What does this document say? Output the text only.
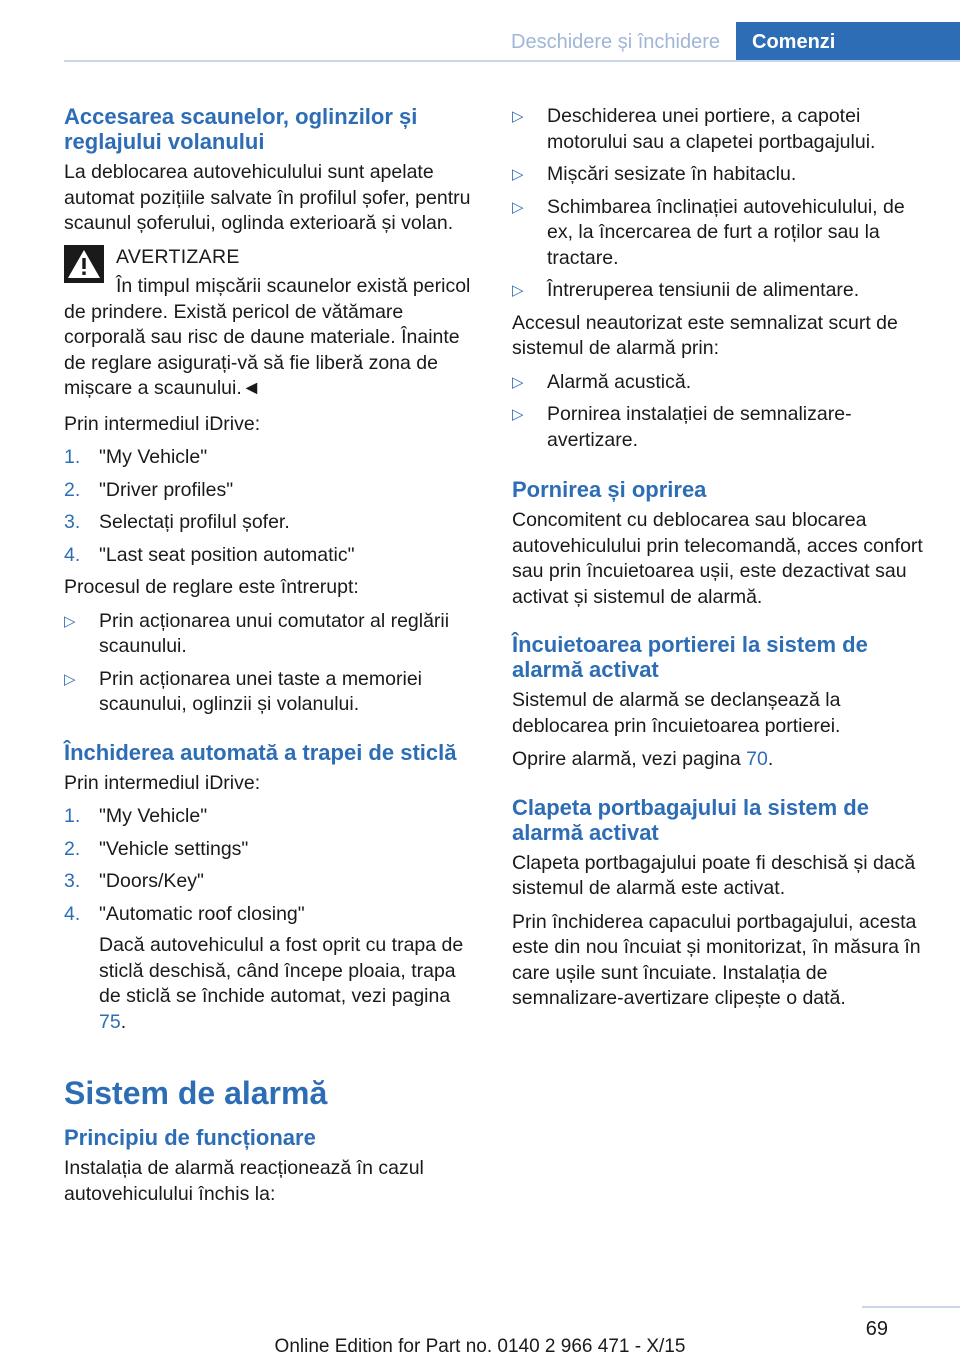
Deschidere și închidere	Comenzi
Accesarea scaunelor, oglinzilor și reglajului volanului

La deblocarea autovehiculului sunt apelate automat pozițiile salvate în profilul șofer, pentru scaunul șoferului, oglinda exterioară și volan.

AVERTIZARE
În timpul mișcării scaunelor există pericol
de prindere. Există pericol de vătămare corporală sau risc de daune materiale. Înainte de reglare asigurați-vă să fie liberă zona de mișcare a scaunului.◄

Prin intermediul iDrive:

1. "My Vehicle"
2. "Driver profiles"
3. Selectați profilul șofer.
4. "Last seat position automatic"

Procesul de reglare este întrerupt:

▷ Prin acționarea unui comutator al reglării scaunului.
▷ Prin acționarea unei taste a memoriei scaunului, oglinzii și volanului.
Închiderea automată a trapei de sticlă

Prin intermediul iDrive:

1. "My Vehicle"
2. "Vehicle settings"
3. "Doors/Key"
4. "Automatic roof closing"
Dacă autovehiculul a fost oprit cu trapa de sticlă deschisă, când începe ploaia, trapa de sticlă se închide automat, vezi pagina 75.
Sistem de alarmă
Principiu de funcționare

Instalația de alarmă reacționează în cazul autovehiculului închis la:

▷ Deschiderea unei portiere, a capotei motorului sau a clapetei portbagajului.
▷ Mișcări sesizate în habitaclu.
▷ Schimbarea înclinației autovehiculului, de ex, la încercarea de furt a roților sau la tractare.
▷ Întreruperea tensiunii de alimentare.

Accesul neautorizat este semnalizat scurt de sistemul de alarmă prin:

▷ Alarmă acustică.
▷ Pornirea instalației de semnalizare-avertizare.
Pornirea și oprirea

Concomitent cu deblocarea sau blocarea autovehiculului prin telecomandă, acces confort sau prin încuietoarea ușii, este dezactivat sau activat și sistemul de alarmă.

Încuietoarea portierei la sistem de alarmă activat

Sistemul de alarmă se declanșează la deblocarea prin încuietoarea portierei.

Oprire alarmă, vezi pagina 70.

Clapeta portbagajului la sistem de alarmă activat

Clapeta portbagajului poate fi deschisă și dacă sistemul de alarmă este activat.

Prin închiderea capacului portbagajului, acesta este din nou încuiat și monitorizat, în măsura în care ușile sunt încuiate. Instalația de semnalizare-avertizare clipește o dată.

69
Online Edition for Part no. 0140 2 966 471 - X/15
